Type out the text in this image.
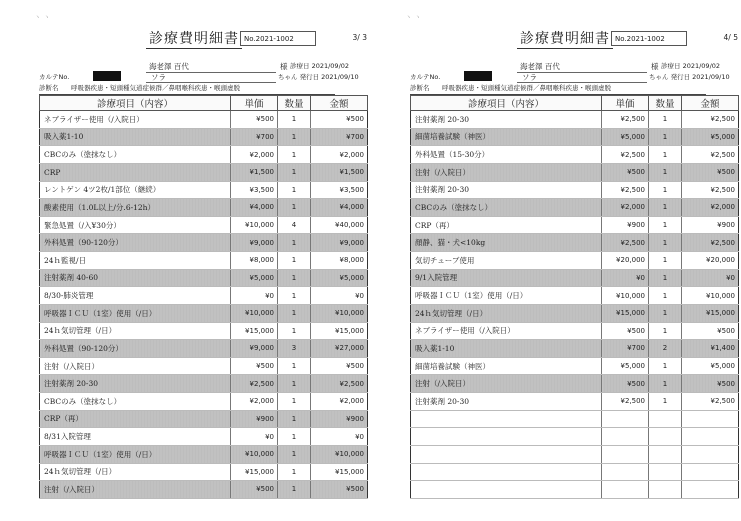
ヽ ヽ
診療費明細書 No.2021-1002	3/ 3
海老澤 百代	様 診療日 2021/09/02
カルテNo.	ソラ	ちゃん 発行日 2021/09/10
診断名 呼吸器疾患・短頭種気道症候群／鼻咽喉科疾患・喉頭虚脱
診療項目（内容）	単価	数量	金額
ネブライザー使用（/入院日）	¥500	1	¥500
吸入薬1-10	¥700	1	¥700
CBCのみ（塗抹なし）	¥2,000	1	¥2,000
CRP	¥1,500	1	¥1,500
レントゲン 4ツ2枚/1部位（継続）	¥3,500	1	¥3,500
酸素使用（1.0L以上/分.6-12h）	¥4,000	1	¥4,000
緊急処置（/入¥30分）	¥10,000	4	¥40,000
外科処置（90-120分）	¥9,000	1	¥9,000
24ｈ監視/日	¥8,000	1	¥8,000
注射薬剤 40-60	¥5,000	1	¥5,000
8/30-肺炎管理	¥0	1	¥0
呼吸器ＩＣＵ（1室）使用（/日）	¥10,000	1	¥10,000
24ｈ気切管理（/日）	¥15,000	1	¥15,000
外科処置（90-120分）	¥9,000	3	¥27,000
注射（/入院日）	¥500	1	¥500
注射薬剤 20-30	¥2,500	1	¥2,500
CBCのみ（塗抹なし）	¥2,000	1	¥2,000
CRP（再）	¥900	1	¥900
8/31入院管理	¥0	1	¥0
呼吸器ＩＣＵ（1室）使用（/日）	¥10,000	1	¥10,000
24ｈ気切管理（/日）	¥15,000	1	¥15,000
注射（/入院日）	¥500	1	¥500
ヽ ヽ
診療費明細書 No.2021-1002	4/ 5
海老澤 百代	様 診療日 2021/09/02
カルテNo.	ソラ	ちゃん 発行日 2021/09/10
診断名 呼吸器疾患・短頭種気道症候群／鼻咽喉科疾患・喉頭虚脱
診療項目（内容）	単価	数量	金額
注射薬剤 20-30	¥2,500	1	¥2,500
細菌培養試験（神医）	¥5,000	1	¥5,000
外科処置（15-30分）	¥2,500	1	¥2,500
注射（/入院日）	¥500	1	¥500
注射薬剤 20-30	¥2,500	1	¥2,500
CBCのみ（塗抹なし）	¥2,000	1	¥2,000
CRP（再）	¥900	1	¥900
顔静、猫・犬<10kg	¥2,500	1	¥2,500
気切チューブ使用	¥20,000	1	¥20,000
9/1入院管理	¥0	1	¥0
呼吸器ＩＣＵ（1室）使用（/日）	¥10,000	1	¥10,000
24ｈ気切管理（/日）	¥15,000	1	¥15,000
ネブライザー使用（/入院日）	¥500	1	¥500
吸入薬1-10	¥700	2	¥1,400
細菌培養試験（神医）	¥5,000	1	¥5,000
注射（/入院日）	¥500	1	¥500
注射薬剤 20-30	¥2,500	1	¥2,500
